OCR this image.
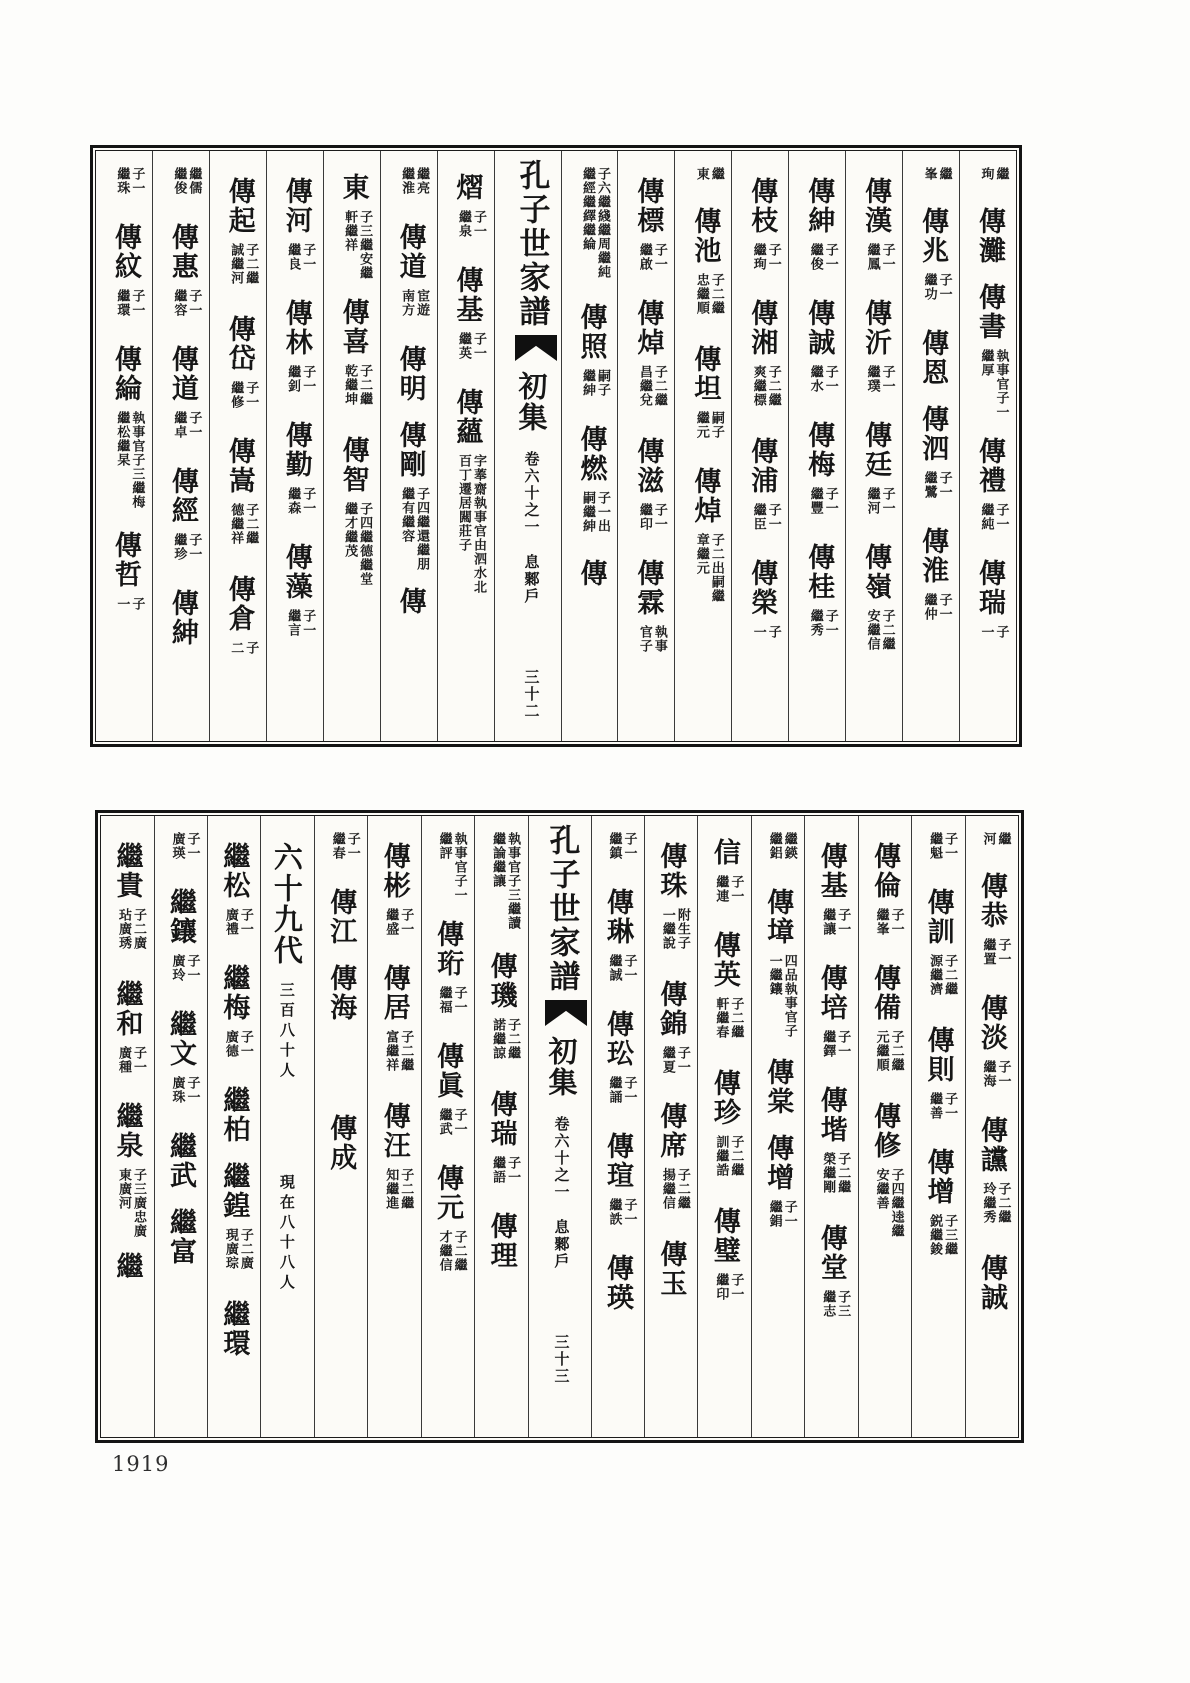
繼珣傳灘傳書執事官子一繼厚傳禮子一繼純傳瑞子一
繼峯傳兆子一繼功傳恩傳泗子一繼鷺傳淮子一繼仲
傳漢子一繼鳳傳沂子一繼璞傳廷子一繼河傳嶺子二繼安繼信
傳紳子一繼俊傳誠子一繼水傳梅子一繼豐傳桂子一繼秀
傳枝子一繼珣傳湘子二繼爽繼標傳浦子一繼臣傳榮子一
繼東傳池子二繼忠繼順傳坦嗣子繼元傳焯子二出嗣繼章繼元
傳標子一繼啟傳焯子二繼昌繼兌傳滋子一繼印傳霖執事官子
子六繼綫繼周繼純繼經繼繹繼綸傳照嗣子繼紳傳燃子一出嗣繼紳傳
孔子世家譜初集卷六十之一息鄹戶三十二
熠子一繼泉傳基子一繼英傳蘊字菶齋執事官由泗水北百丁遷居闗莊子
繼亮繼淮傳道宦遊南方傳明傳剛子四繼還繼朋繼有繼容傳
東子三繼安繼軒繼祥傳喜子二繼乾繼坤傳智子四繼德繼堂繼才繼茂
傳河子一繼良傳林子一繼釗傳勤子一繼森傳藻子一繼言
傳起子二繼誠繼河傳岱子一繼修傳嵩子二繼德繼祥傳倉子二
繼儒繼俊傳惠子一繼容傳道子一繼卓傳經子一繼珍傳紳
子一繼珠傳紋子一繼環傳綸執事官子三繼梅繼松繼杲傳哲子一
繼河傳恭子一繼置傳淡子一繼海傳讜子二繼玲繼秀傳誠
子一繼魁傳訓子二繼源繼濟傳則子一繼善傳增子三繼鋭繼鋑
傳倫子一繼峯傳備子二繼元繼順傳修子四繼逵繼安繼善
傳基子一繼讓傳培子一繼鐸傳堦子二繼榮繼剛傳堂子三繼志
繼鍈繼鋁傳墇四品執事官子一繼鑲傳棠傳增子一繼鋗
信子一繼連傳英子二繼軒繼春傳珍子二繼訓繼誥傳璧子一繼印
傳珠附生子一繼說傳錦子一繼夏傳席子二繼揚繼信傳玉
子一繼鎮傳琳子一繼誠傳玜子一繼誦傳瑄子一繼詄傳瑛
孔子世家譜初集卷六十之一息鄹戶三十三
執事官子三繼讀繼論繼讓傳璣子二繼諾繼諒傳瑞子一繼語傳理
執事官子一繼評傳珩子一繼福傳眞子一繼武傳元子二繼才繼信
傳彬子一繼盛傳居子二繼富繼祥傳汪子二繼知繼進
子一繼春傳江傳海傳成
六十九代三百八十人現在八十八人
繼松子一廣禮繼梅子一廣德繼柏繼鍠子二廣現廣琮繼環
子一廣瑛繼鑲子一廣玲繼文子一廣珠繼武繼富
繼貴子二廣玷廣琇繼和子一廣種繼泉子三廣忠廣東廣河繼
1919
